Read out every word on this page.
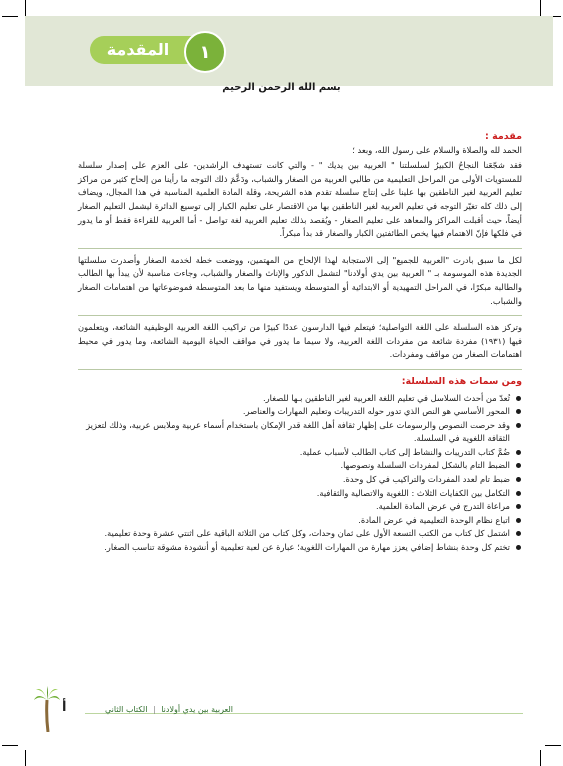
المقدمة	١
بسم الله الرحمن الرحيم
مقدمة :
الحمد لله والصلاة والسلام على رسول الله، وبعد ؛
فقد شجّعَنا النجاحُ الكبيرُ لسلسلتنا " العربية بين يديك " - والتي كانت تستهدف الراشدين- على العزم على إصدار سلسلة للمستويات الأولى من المراحل التعليمية من طالبي العربية من الصغار والشباب، ودَعَّمَ ذلك التوجه ما رأينا من إلحاح كثير من مراكز تعليم العربية لغير الناطقين بها علينا على إنتاج سلسلة تقدم هذه الشريحة، وقلة المادة العلمية المناسبة في هذا المجال، ويضاف إلى ذلك كله تغيّر التوجه في تعليم العربية لغير الناطقين بها من الاقتصار على تعليم الكبار إلى توسيع الدائرة ليشمل التعليم الصغار أيضاً، حيث أقبلت المراكز والمعاهد على تعليم الصغار - ويُقصد بذلك تعليم العربية لغة تواصل - أما العربية للقراءة فقط أو ما يدور في فلكها فإنّ الاهتمام فيها يخص الطائفتين الكبار والصغار قد بدأ مبكراً.
لكل ما سبق بادرت "العربية للجميع" إلى الاستجابة لهذا الإلحاح من المهتمين، ووضعت خطة لخدمة الصغار وأصدرت سلسلتها الجديدة هذه الموسومة بـ " العربية بين يدي أولادنا" لتشمل الذكور والإناث والصغار والشباب، وجاءت مناسبة لأن يبدأ بها الطالب والطالبة مبكرًا، في المراحل التمهيدية أو الابتدائية أو المتوسطة ويستفيد منها ما بعد المتوسطة فموضوعاتها من اهتمامات الصغار والشباب.
وتركز هذه السلسلة على اللغة التواصلية؛ فيتعلم فيها الدارسون عددًا كبيرًا من تراكيب اللغة العربية الوظيفية الشائعة، ويتعلمون فيها (١٩٣١) مفردة شائعة من مفردات اللغة العربية، ولا سيما ما يدور في مواقف الحياة اليومية الشائعة، وما يدور في محيط اهتمامات الصغار من مواقف ومفردات.
ومن سمات هذه السلسلة:
تُعدّ من أحدث السلاسل في تعليم اللغة العربية لغير الناطقين بـها للصغار.
المحور الأساسي هو النص الذي تدور حوله التدريبات وتعليم المهارات والعناصر.
وقد حرصت النصوص والرسومات على إظهار ثقافة أهل اللغة قدر الإمكان باستخدام أسماء عربية وملابس عربية، وذلك لتعزيز الثقافة اللغوية في السلسلة.
ضُمَّ كتاب التدريبات والنشاط إلى كتاب الطالب لأسباب عملية.
الضبط التام بالشكل لمفردات السلسلة ونصوصها.
ضبط تام لعدد المفردات والتراكيب في كل وحدة.
التكامل بين الكفايات الثلاث : اللغوية والاتصالية والثقافية.
مراعاة التدرج في عرض المادة العلمية.
اتباع نظام الوحدة التعليمية في عرض المادة.
اشتمل كل كتاب من الكتب التسعة الأول على ثمان وحدات، وكل كتاب من الثلاثة الباقية على اثنتي عشرة وحدة تعليمية.
تختم كل وحدة بنشاط إضافي يعزز مهارة من المهارات اللغوية؛ عبارة عن لعبة تعليمية أو أنشودة مشوقة تناسب الصغار.
العربية بين يدي أولادنا | الكتاب الثاني
أ
